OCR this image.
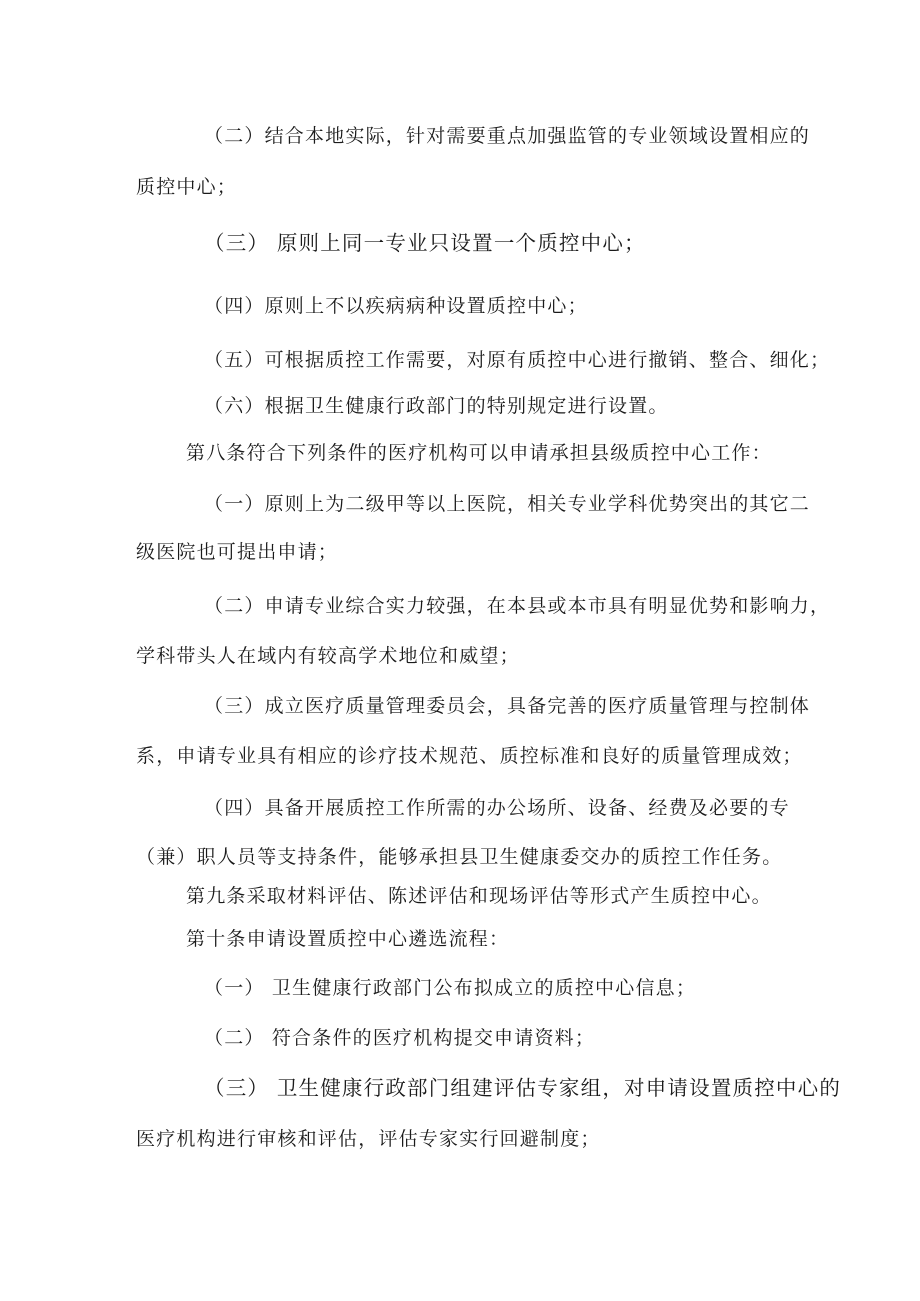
（二）结合本地实际，针对需要重点加强监管的专业领域设置相应的

质控中心；

（三） 原则上同一专业只设置一个质控中心；

（四）原则上不以疾病病种设置质控中心；

（五）可根据质控工作需要，对原有质控中心进行撤销、整合、细化；

（六）根据卫生健康行政部门的特别规定进行设置。

第八条符合下列条件的医疗机构可以申请承担县级质控中心工作：

（一）原则上为二级甲等以上医院，相关专业学科优势突出的其它二

级医院也可提出申请；

（二）申请专业综合实力较强，在本县或本市具有明显优势和影响力，

学科带头人在域内有较高学术地位和威望；

（三）成立医疗质量管理委员会，具备完善的医疗质量管理与控制体

系，申请专业具有相应的诊疗技术规范、质控标准和良好的质量管理成效；

（四）具备开展质控工作所需的办公场所、设备、经费及必要的专

（兼）职人员等支持条件，能够承担县卫生健康委交办的质控工作任务。

第九条采取材料评估、陈述评估和现场评估等形式产生质控中心。

第十条申请设置质控中心遴选流程：

（一） 卫生健康行政部门公布拟成立的质控中心信息；

（二） 符合条件的医疗机构提交申请资料；

（三） 卫生健康行政部门组建评估专家组，对申请设置质控中心的

医疗机构进行审核和评估，评估专家实行回避制度；
